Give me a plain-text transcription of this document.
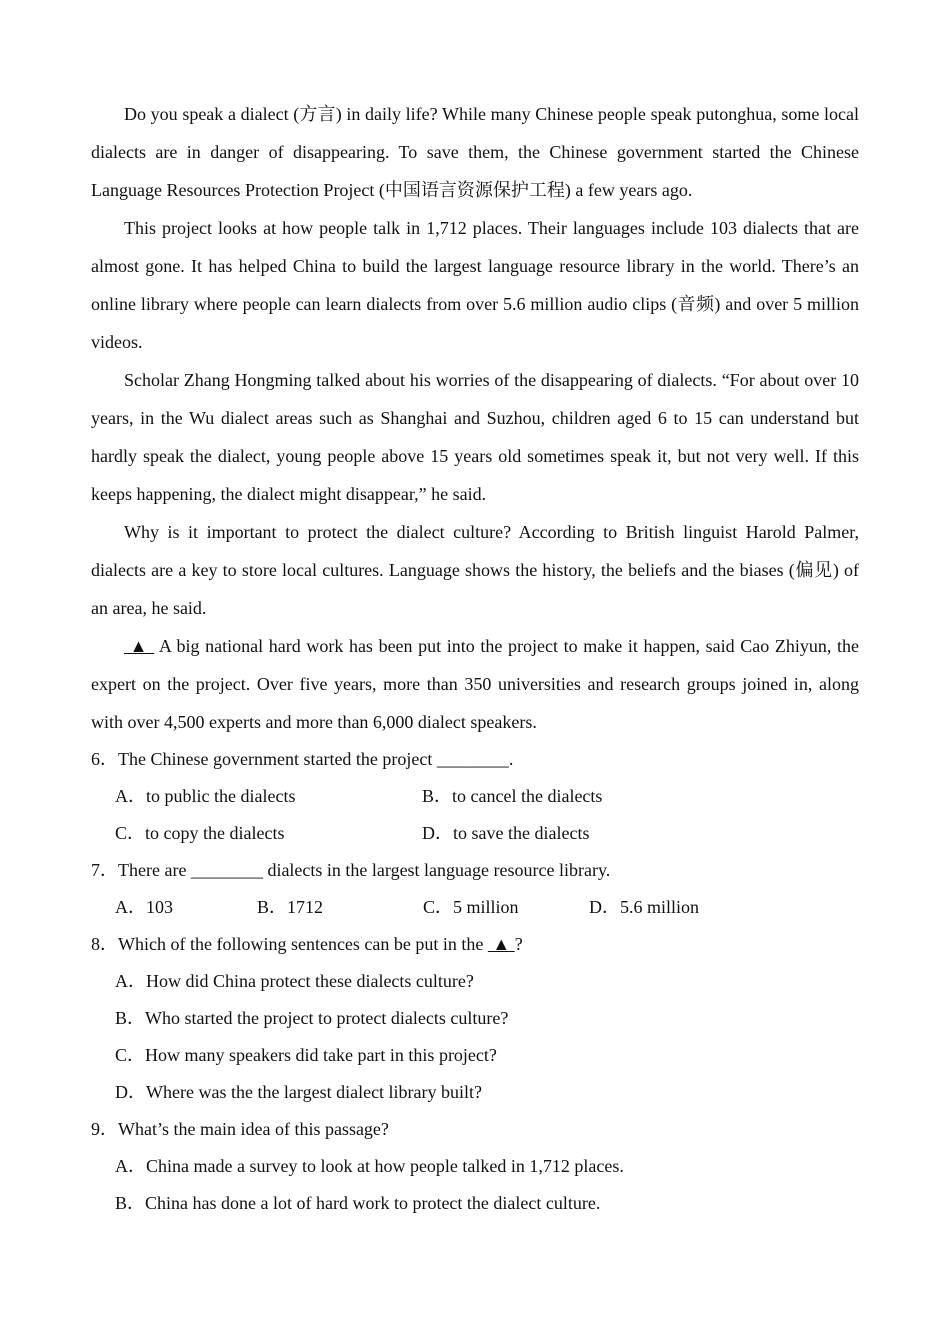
Do you speak a dialect (方言) in daily life? While many Chinese people speak putonghua, some local dialects are in danger of disappearing. To save them, the Chinese government started the Chinese Language Resources Protection Project (中国语言资源保护工程) a few years ago.

This project looks at how people talk in 1,712 places. Their languages include 103 dialects that are almost gone. It has helped China to build the largest language resource library in the world. There’s an online library where people can learn dialects from over 5.6 million audio clips (音频) and over 5 million videos.

Scholar Zhang Hongming talked about his worries of the disappearing of dialects. “For about over 10 years, in the Wu dialect areas such as Shanghai and Suzhou, children aged 6 to 15 can understand but hardly speak the dialect, young people above 15 years old sometimes speak it, but not very well. If this keeps happening, the dialect might disappear,” he said.

Why is it important to protect the dialect culture? According to British linguist Harold Palmer, dialects are a key to store local cultures. Language shows the history, the beliefs and the biases (偏见) of an area, he said.

▲  A big national hard work has been put into the project to make it happen, said Cao Zhiyun, the expert on the project. Over five years, more than 350 universities and research groups joined in, along with over 4,500 experts and more than 6,000 dialect speakers.

6．The Chinese government started the project ________.

A．to public the dialects	B．to cancel the dialects
C．to copy the dialects	D．to save the dialects

7．There are ________ dialects in the largest language resource library.

A．103	B．1712	C．5 million	D．5.6 million

8．Which of the following sentences can be put in the  ▲ ?

A．How did China protect these dialects culture?
B．Who started the project to protect dialects culture?
C．How many speakers did take part in this project?
D．Where was the the largest dialect library built?

9．What’s the main idea of this passage?

A．China made a survey to look at how people talked in 1,712 places.
B．China has done a lot of hard work to protect the dialect culture.
